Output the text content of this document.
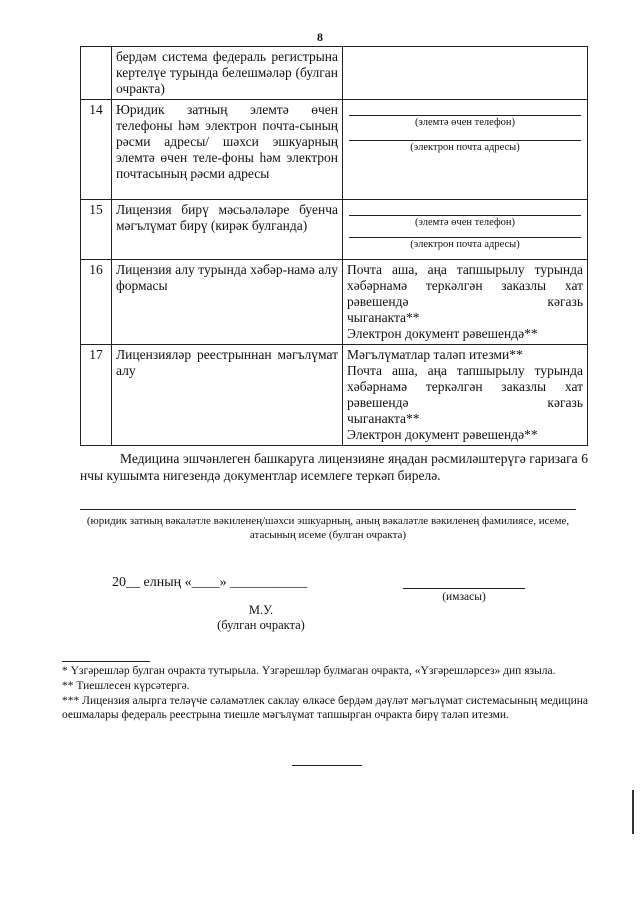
8
	бердәм система федераль регистрына кертелүе турында белешмәләр (булган очракта)	
14	Юридик затның элемтә өчен телефоны һәм электрон почта-сының рәсми адресы/ шәхси эшкуарның элемтә өчен теле-фоны һәм электрон почтасының рәсми адресы	(элемтә өчен телефон)
(электрон почта адресы)

15	Лицензия бирү мәсьәләләре буенча мәгълүмат бирү (кирәк булганда)	(элемтә өчен телефон)
(электрон почта адресы)

16	Лицензия алу турында хәбәр-намә алу формасы	Почта аша, аңа тапшырылу турында хәбәрнамә теркәлгән заказлы хат рәвешендә кәгазь
чыганакта**
Электрон документ рәвешендә**

17	Лицензияләр реестрыннан мәгълүмат алу	Мәгълүматлар таләп итезми**
Почта аша, аңа тапшырылу турында хәбәрнамә теркәлгән заказлы хат рәвешендә кәгазь
чыганакта**
Электрон документ рәвешендә**
Медицина эшчәнлеген башкаруга лицензияне яңадан рәсмиләштерүгә гаризага 6 нчы кушымта нигезендә документлар исемлеге теркәп бирелә.
(юридик затның вәкаләтле вәкиленең/шәхси эшкуарның, аның вәкаләтле вәкиленең фамилиясе, исеме, атасының исеме (булган очракта)
20__ елның «____» ___________
(имзасы)
М.У.
(булган очракта)

* Үзгәрешләр булган очракта тутырыла. Үзгәрешләр булмаган очракта, «Үзгәрешләрсез» дип языла.

** Тиешлесен күрсәтергә.

*** Лицензия алырга теләүче сәламәтлек саклау өлкәсе бердәм дәүләт мәгълүмат системасының медицина оешмалары федераль реестрына тиешле мәгълүмат тапшырган очракта бирү таләп итезми.
